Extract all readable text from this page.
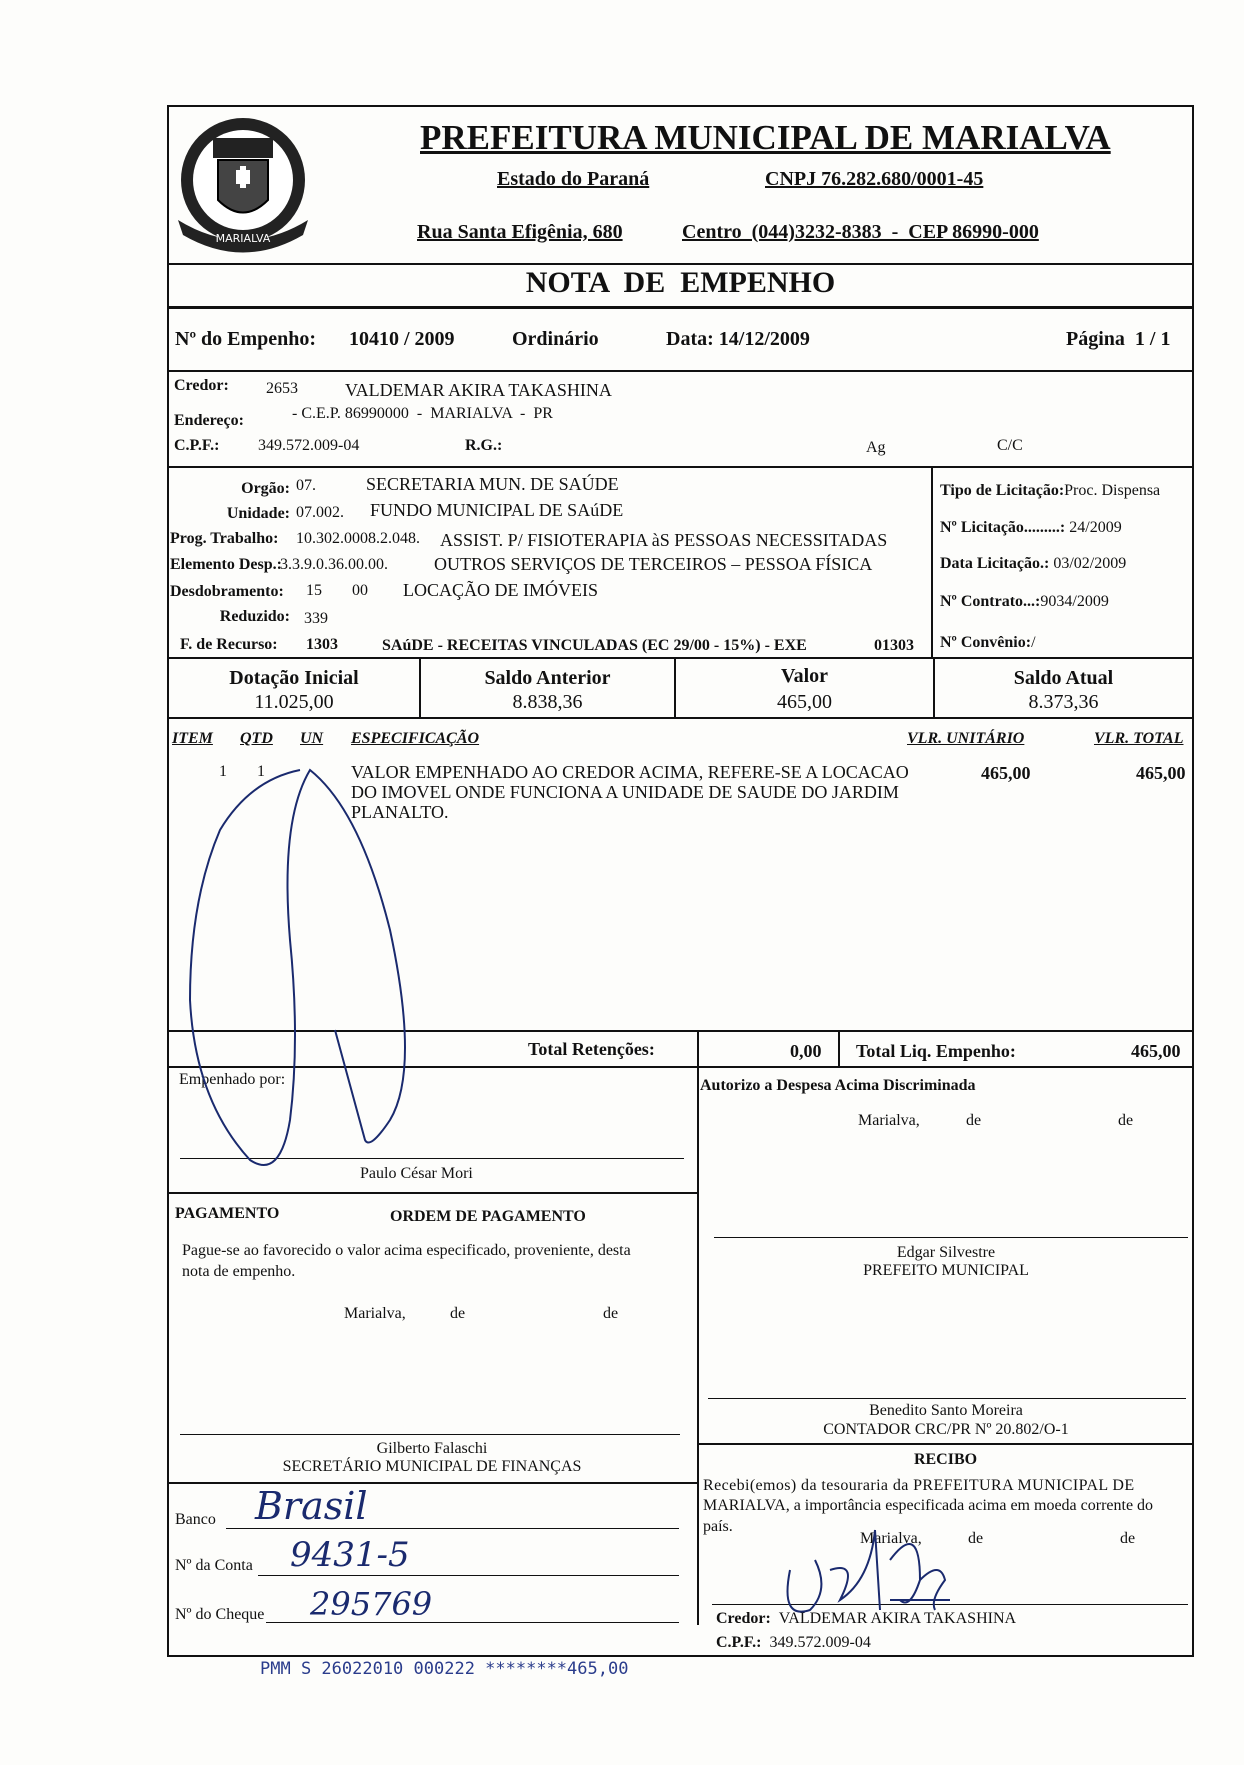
MARIALVA
PREFEITURA MUNICIPAL DE MARIALVA
Estado do Paraná	CNPJ 76.282.680/0001-45
Rua Santa Efigênia, 680	Centro  (044)3232-8383  -  CEP 86990-000
NOTA  DE  EMPENHO
Nº do Empenho: 10410 / 2009	Ordinário	Data: 14/12/2009	Página  1 / 1
Credor: 2653	VALDEMAR AKIRA TAKASHINA
Endereço:	- C.E.P. 86990000  -  MARIALVA  -  PR
C.P.F.: 349.572.009-04	R.G.:	Ag	C/C
Orgão: 07.	SECRETARIA MUN. DE SAÚDE
Unidade: 07.002. FUNDO MUNICIPAL DE SAúDE
Prog. Trabalho: 10.302.0008.2.048. ASSIST. P/ FISIOTERAPIA àS PESSOAS NECESSITADAS
Elemento Desp.:
3.3.9.0.36.00.00.	OUTROS SERVIÇOS DE TERCEIROS – PESSOA FÍSICA
Desdobramento: 15 00 LOCAÇÃO DE IMÓVEIS
Reduzido: 339
F. de Recurso: 1303	SAúDE - RECEITAS VINCULADAS (EC 29/00 - 15%) - EXE	01303
Tipo de Licitação:Proc. Dispensa
Nº Licitação.........: 24/2009
Data Licitação.: 03/02/2009
Nº Contrato...:9034/2009
Nº Convênio:/
Dotação Inicial
11.025,00
Saldo Anterior
8.838,36
Valor
465,00
Saldo Atual
8.373,36
ITEM QTD UN ESPECIFICAÇÃO	VLR. UNITÁRIO	VLR. TOTAL
1 1	VALOR EMPENHADO AO CREDOR ACIMA, REFERE-SE A LOCACAO
DO IMOVEL ONDE FUNCIONA A UNIDADE DE SAUDE DO JARDIM
PLANALTO.
465,00	465,00
Total Retenções:	0,00 Total Liq. Empenho:	465,00
Empenhado por:
Paulo César Mori
Autorizo a Despesa Acima Discriminada
Marialva,	de	de
Edgar Silvestre
PREFEITO MUNICIPAL
PAGAMENTO	ORDEM DE PAGAMENTO
Pague-se ao favorecido o valor acima especificado, proveniente, desta
nota de empenho.
Marialva,	de	de
Gilberto Falaschi
SECRETÁRIO MUNICIPAL DE FINANÇAS
Benedito Santo Moreira
CONTADOR CRC/PR Nº 20.802/O-1
Banco Brasil
Nº da Conta 9431-5
Nº do Cheque 295769
RECIBO
Recebi(emos) da tesouraria da PREFEITURA MUNICIPAL DE
MARIALVA, a importância especificada acima em moeda corrente do
país.
Marialva,	de	de
Credor: VALDEMAR AKIRA TAKASHINA
C.P.F.: 349.572.009-04
PMM S 26022010 000222 ********465,00
